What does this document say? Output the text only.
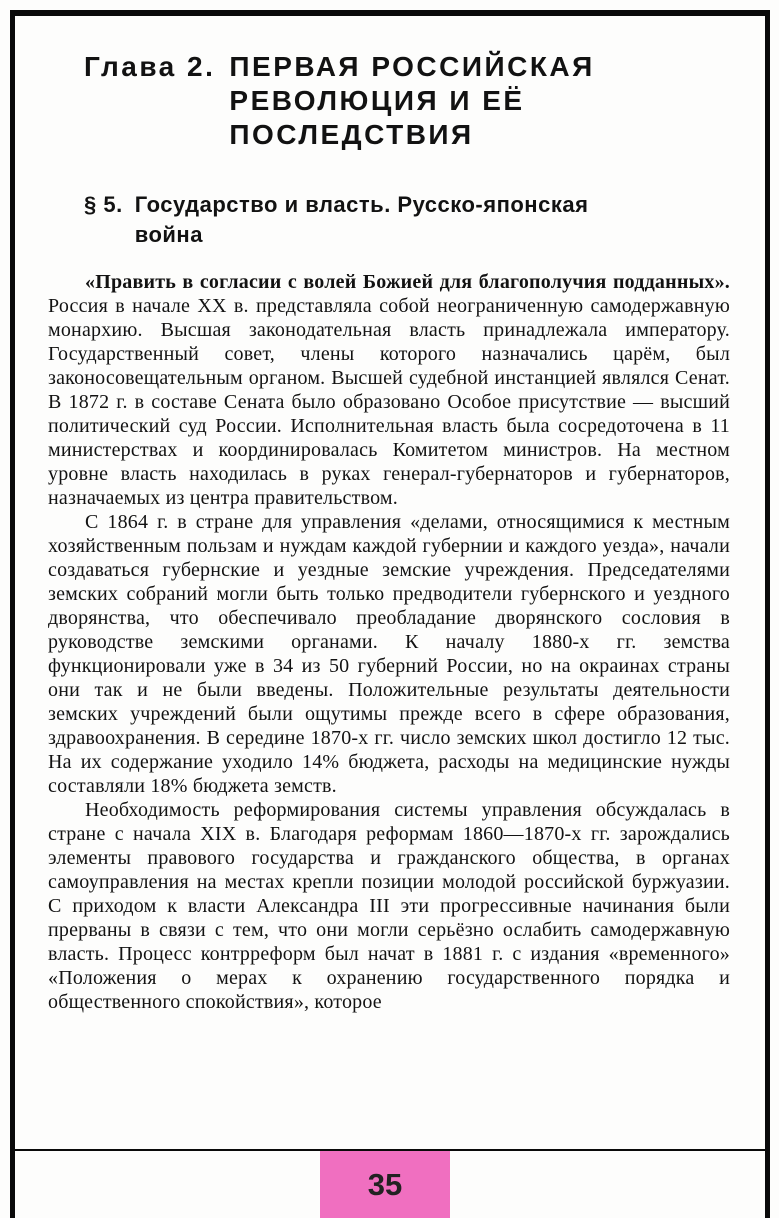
Глава 2. ПЕРВАЯ РОССИЙСКАЯ
РЕВОЛЮЦИЯ И ЕЁ
ПОСЛЕДСТВИЯ
§ 5. Государство и власть. Русско-японская
война

«Править в согласии с волей Божией для благополучия подданных». Россия в начале XX в. представляла собой неограниченную самодержавную монархию. Высшая законодательная власть принадлежала императору. Государственный совет, члены которого назначались царём, был законосовещательным органом. Высшей судебной инстанцией являлся Сенат. В 1872 г. в составе Сената было образовано Особое присутствие — высший политический суд России. Исполнительная власть была сосредоточена в 11 министерствах и координировалась Комитетом министров. На местном уровне власть находилась в руках генерал-губернаторов и губернаторов, назначаемых из центра правительством.

С 1864 г. в стране для управления «делами, относящимися к местным хозяйственным пользам и нуждам каждой губернии и каждого уезда», начали создаваться губернские и уездные земские учреждения. Председателями земских собраний могли быть только предводители губернского и уездного дворянства, что обеспечивало преобладание дворянского сословия в руководстве земскими органами. К началу 1880-х гг. земства функционировали уже в 34 из 50 губерний России, но на окраинах страны они так и не были введены. Положительные результаты деятельности земских учреждений были ощутимы прежде всего в сфере образования, здравоохранения. В середине 1870-х гг. число земских школ достигло 12 тыс. На их содержание уходило 14% бюджета, расходы на медицинские нужды составляли 18% бюджета земств.

Необходимость реформирования системы управления обсуждалась в стране с начала XIX в. Благодаря реформам 1860—1870-х гг. зарождались элементы правового государства и гражданского общества, в органах самоуправления на местах крепли позиции молодой российской буржуазии. С приходом к власти Александра III эти прогрессивные начинания были прерваны в связи с тем, что они могли серьёзно ослабить самодержавную власть. Процесс контрреформ был начат в 1881 г. с издания «временного» «Положения о мерах к охранению государственного порядка и общественного спокойствия», которое

35
